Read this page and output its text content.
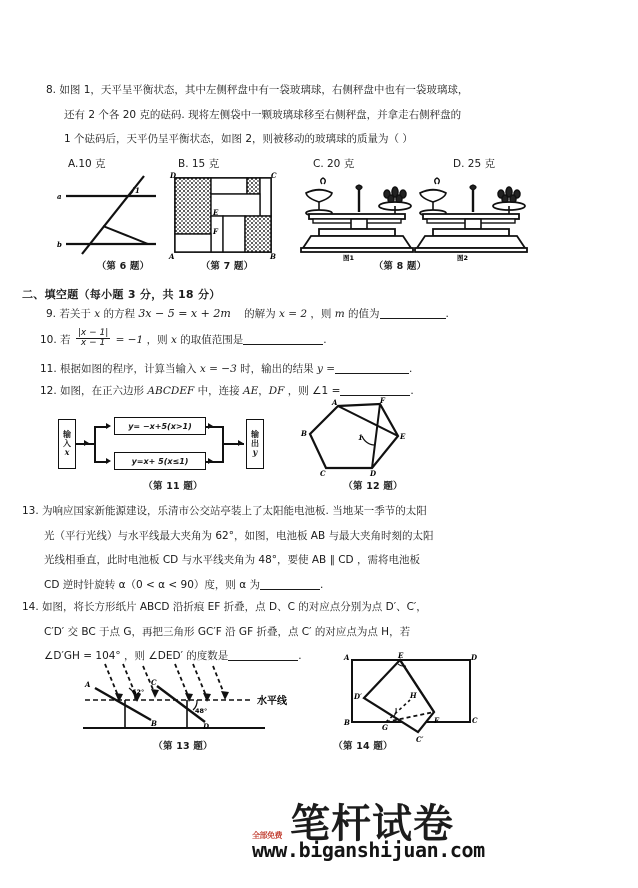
8. 如图 1，天平呈平衡状态，其中左侧秤盘中有一袋玻璃球，右侧秤盘中也有一袋玻璃球，
还有 2 个各 20 克的砝码. 现将左侧袋中一颗玻璃球移至右侧秤盘，并拿走右侧秤盘的
1 个砝码后，天平仍呈平衡状态，如图 2，则被移动的玻璃球的质量为（ ）
A.10 克	B. 15 克	C. 20 克	D. 25 克
a
b
1
D	C
A	B
E
F
图1	图2
（第 6 题）	（第 7 题）	（第 8 题）
二、填空题（每小题 3 分，共 18 分）
9. 若关于 x 的方程 3x − 5 = x + 2m 的解为 x = 2 ，则 m 的值为	.
10. 若 $\frac{|x - 1|}{x - 1} = -1$ ，则 x 的取值范围是	.
11. 根据如图的程序，计算当输入 x = −3 时，输出的结果 y =	.
12. 如图，在正六边形 ABCDEF 中，连接 AE，DF ，则 ∠1 =	.
输
入
x
y= −x+5(x>1)
y=x+ 5(x≤1)
输
出
y
A
B
C	D
E
F
1
（第 11 题）	（第 12 题）
13. 为响应国家新能源建设，乐清市公交站亭装上了太阳能电池板. 当地某一季节的太阳
光（平行光线）与水平线最大夹角为 62°，如图，电池板 AB 与最大夹角时刻的太阳
光线相垂直，此时电池板 CD 与水平线夹角为 48°，要使 AB ∥ CD ，需将电池板
CD 逆时针旋转 α（0 < α < 90）度，则 α 为	.
14. 如图，将长方形纸片 ABCD 沿折痕 EF 折叠，点 D、C 的对应点分别为点 D′、C′，
C′D′ 交 BC 于点 G，再把三角形 GC′F 沿 GF 折叠，点 C′ 的对应点为点 H，若
∠D′GH = 104° ，则 ∠DED′ 的度数是	.
A
B
C
D
62°
48°
水平线
A	E	D
D′
B
G
F	C
C′
H
（第 13 题）	（第 14 题）
笔杆试卷
全部免费
www.biganshijuan.com
